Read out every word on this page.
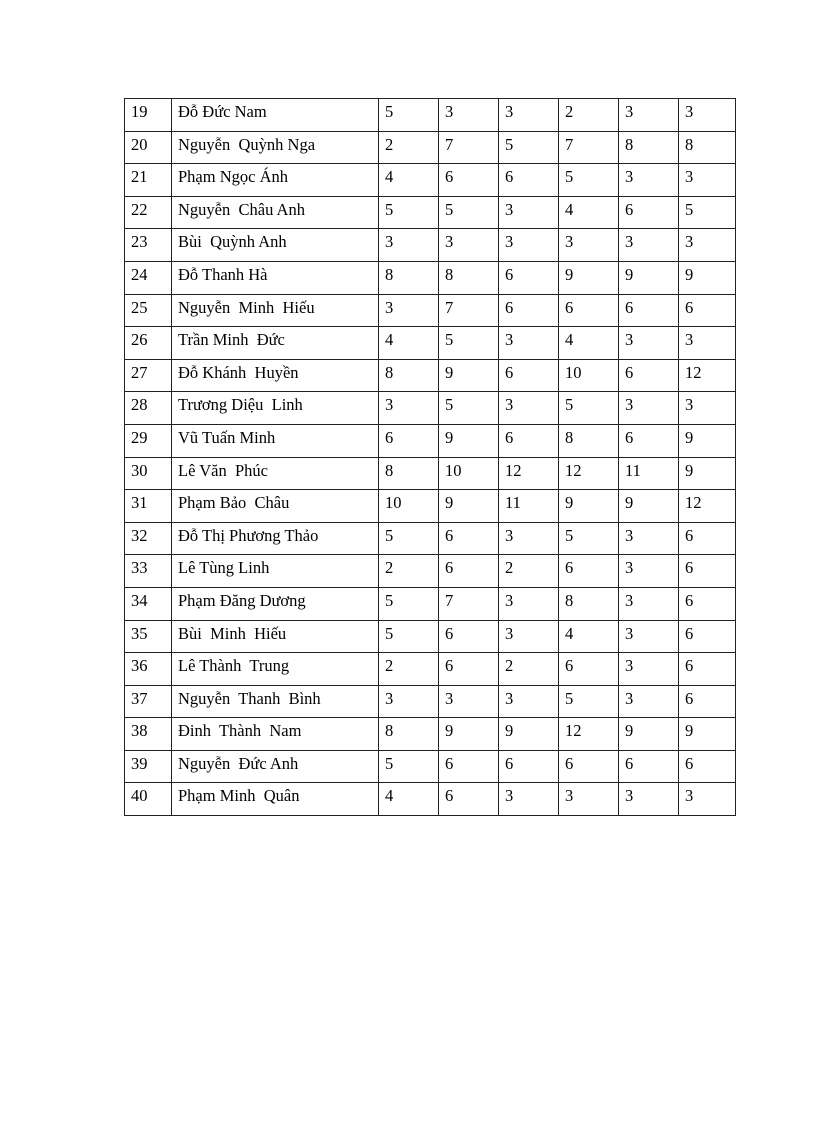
19	Đỗ Đức Nam	5	3	3	2	3	3
20	Nguyễn  Quỳnh Nga	2	7	5	7	8	8
21	Phạm Ngọc Ánh	4	6	6	5	3	3
22	Nguyễn  Châu Anh	5	5	3	4	6	5
23	Bùi  Quỳnh Anh	3	3	3	3	3	3
24	Đỗ Thanh Hà	8	8	6	9	9	9
25	Nguyễn  Minh  Hiếu	3	7	6	6	6	6
26	Trần Minh  Đức	4	5	3	4	3	3
27	Đỗ Khánh  Huyền	8	9	6	10	6	12
28	Trương Diệu  Linh	3	5	3	5	3	3
29	Vũ Tuấn Minh	6	9	6	8	6	9
30	Lê Văn  Phúc	8	10	12	12	11	9
31	Phạm Bảo  Châu	10	9	11	9	9	12
32	Đỗ Thị Phương Thảo	5	6	3	5	3	6
33	Lê Tùng Linh	2	6	2	6	3	6
34	Phạm Đăng Dương	5	7	3	8	3	6
35	Bùi  Minh  Hiếu	5	6	3	4	3	6
36	Lê Thành  Trung	2	6	2	6	3	6
37	Nguyễn  Thanh  Bình	3	3	3	5	3	6
38	Đinh  Thành  Nam	8	9	9	12	9	9
39	Nguyễn  Đức Anh	5	6	6	6	6	6
40	Phạm Minh  Quân	4	6	3	3	3	3
